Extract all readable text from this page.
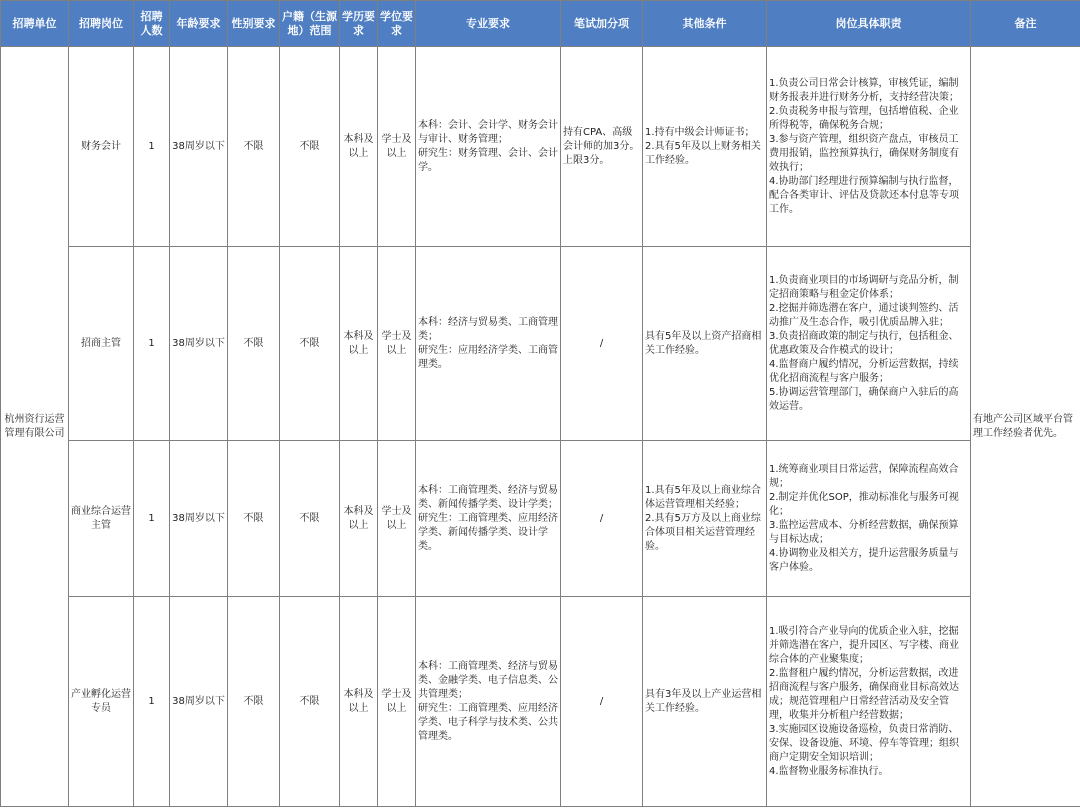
招聘单位	招聘岗位	招聘人数	年龄要求	性别要求	户籍（生源地）范围	学历要求	学位要求	专业要求	笔试加分项	其他条件	岗位具体职责	备注
杭州资行运营管理有限公司	财务会计	1	38周岁以下	不限	不限	本科及以上	学士及以上	本科：会计、会计学、财务会计与审计、财务管理；
研究生：财务管理、会计、会计学。	持有CPA、高级会计师的加3分。上限3分。	1.持有中级会计师证书；
2.具有5年及以上财务相关工作经验。	1.负责公司日常会计核算，审核凭证，编制财务报表并进行财务分析，支持经营决策；
2.负责税务申报与管理，包括增值税、企业所得税等，确保税务合规；
3.参与资产管理，组织资产盘点，审核员工费用报销，监控预算执行，确保财务制度有效执行；
4.协助部门经理进行预算编制与执行监督，配合各类审计、评估及贷款还本付息等专项工作。	有地产公司区域平台管理工作经验者优先。
	招商主管	1	38周岁以下	不限	不限	本科及以上	学士及以上	本科：经济与贸易类、工商管理类；
研究生：应用经济学类、工商管理类。	/	具有5年及以上资产招商相关工作经验。	1.负责商业项目的市场调研与竞品分析，制定招商策略与租金定价体系；
2.挖掘并筛选潜在客户，通过谈判签约、活动推广及生态合作，吸引优质品牌入驻；
3.负责招商政策的制定与执行，包括租金、优惠政策及合作模式的设计；
4.监督商户履约情况，分析运营数据，持续优化招商流程与客户服务；
5.协调运营管理部门，确保商户入驻后的高效运营。	
	商业综合运营主管	1	38周岁以下	不限	不限	本科及以上	学士及以上	本科：工商管理类、经济与贸易类、新闻传播学类、设计学类；
研究生：工商管理类、应用经济学类、新闻传播学类、设计学类。	/	1.具有5年及以上商业综合体运营管理相关经验；
2.具有5万方及以上商业综合体项目相关运营管理经验。	1.统筹商业项目日常运营，保障流程高效合规；
2.制定并优化SOP，推动标准化与服务可视化；
3.监控运营成本、分析经营数据，确保预算与目标达成；
4.协调物业及相关方，提升运营服务质量与客户体验。	
	产业孵化运营专员	1	38周岁以下	不限	不限	本科及以上	学士及以上	本科：工商管理类、经济与贸易类、金融学类、电子信息类、公共管理类；
研究生：工商管理类、应用经济学类、电子科学与技术类、公共管理类。	/	具有3年及以上产业运营相关工作经验。	1.吸引符合产业导向的优质企业入驻，挖掘并筛选潜在客户，提升园区、写字楼、商业综合体的产业聚集度；
2.监督租户履约情况，分析运营数据，改进招商流程与客户服务，确保商业目标高效达成；规范管理租户日常经营活动及安全管理，收集并分析租户经营数据；
3.实施园区设施设备巡检，负责日常消防、安保、设备设施、环境、停车等管理；组织商户定期安全知识培训；
4.监督物业服务标准执行。	
